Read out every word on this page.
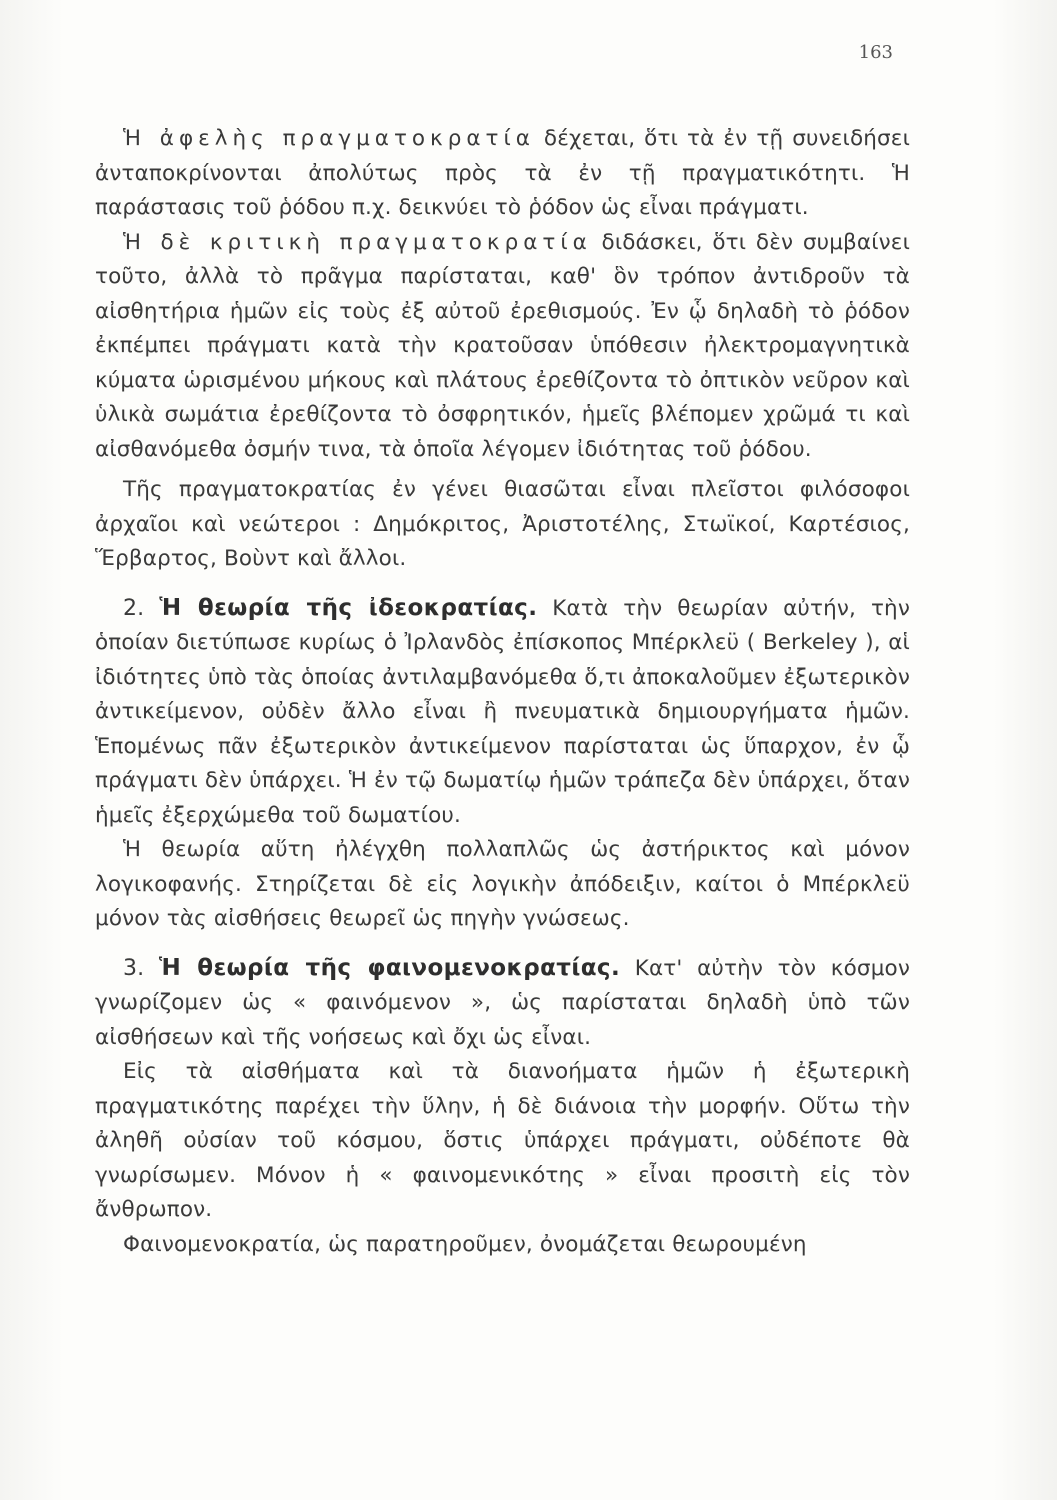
163

Ἡ ἀφελὴς πραγματοκρατία δέχεται, ὅτι τὰ ἐν τῇ συνειδήσει ἀνταποκρίνονται ἀπολύτως πρὸς τὰ ἐν τῇ πραγματικότητι. Ἡ παράστασις τοῦ ῥόδου π.χ. δεικνύει τὸ ῥόδον ὡς εἶναι πράγματι.

Ἡ δὲ κριτικὴ πραγματοκρατία διδάσκει, ὅτι δὲν συμβαίνει τοῦτο, ἀλλὰ τὸ πρᾶγμα παρίσταται, καθ' ὃν τρόπον ἀντιδροῦν τὰ αἰσθητήρια ἡμῶν εἰς τοὺς ἐξ αὐτοῦ ἐρεθισμούς. Ἐν ᾧ δηλαδὴ τὸ ῥόδον ἐκπέμπει πράγματι κατὰ τὴν κρατοῦσαν ὑπόθεσιν ἠλεκτρομαγνητικὰ κύματα ὡρισμένου μήκους καὶ πλάτους ἐρεθίζοντα τὸ ὀπτικὸν νεῦρον καὶ ὑλικὰ σωμάτια ἐρεθίζοντα τὸ ὀσφρητικόν, ἡμεῖς βλέπομεν χρῶμά τι καὶ αἰσθανόμεθα ὀσμήν τινα, τὰ ὁποῖα λέγομεν ἰδιότητας τοῦ ῥόδου.

Τῆς πραγματοκρατίας ἐν γένει θιασῶται εἶναι πλεῖστοι φιλόσοφοι ἀρχαῖοι καὶ νεώτεροι : Δημόκριτος, Ἀριστοτέλης, Στωϊκοί, Καρτέσιος, Ἕρβαρτος, Βοὺντ καὶ ἄλλοι.

2. Ἡ θεωρία τῆς ἰδεοκρατίας. Κατὰ τὴν θεωρίαν αὐτήν, τὴν ὁποίαν διετύπωσε κυρίως ὁ Ἰρλανδὸς ἐπίσκοπος Μπέρκλεϋ ( Berkeley ), αἱ ἰδιότητες ὑπὸ τὰς ὁποίας ἀντιλαμβανόμεθα ὅ,τι ἀποκαλοῦμεν ἐξωτερικὸν ἀντικείμενον, οὐδὲν ἄλλο εἶναι ἢ πνευματικὰ δημιουργήματα ἡμῶν. Ἑπομένως πᾶν ἐξωτερικὸν ἀντικείμενον παρίσταται ὡς ὕπαρχον, ἐν ᾧ πράγματι δὲν ὑπάρχει. Ἡ ἐν τῷ δωματίῳ ἡμῶν τράπεζα δὲν ὑπάρχει, ὅταν ἡμεῖς ἐξερχώμεθα τοῦ δωματίου.

Ἡ θεωρία αὕτη ἠλέγχθη πολλαπλῶς ὡς ἀστήρικτος καὶ μόνον λογικοφανής. Στηρίζεται δὲ εἰς λογικὴν ἀπόδειξιν, καίτοι ὁ Μπέρκλεϋ μόνον τὰς αἰσθήσεις θεωρεῖ ὡς πηγὴν γνώσεως.

3. Ἡ θεωρία τῆς φαινομενοκρατίας. Κατ' αὐτὴν τὸν κόσμον γνωρίζομεν ὡς « φαινόμενον », ὡς παρίσταται δηλαδὴ ὑπὸ τῶν αἰσθήσεων καὶ τῆς νοήσεως καὶ ὄχι ὡς εἶναι.

Εἰς τὰ αἰσθήματα καὶ τὰ διανοήματα ἡμῶν ἡ ἐξωτερικὴ πραγματικότης παρέχει τὴν ὕλην, ἡ δὲ διάνοια τὴν μορφήν. Οὕτω τὴν ἀληθῆ οὐσίαν τοῦ κόσμου, ὅστις ὑπάρχει πράγματι, οὐδέποτε θὰ γνωρίσωμεν. Μόνον ἡ « φαινομενικότης » εἶναι προσιτὴ εἰς τὸν ἄνθρωπον.

Φαινομενοκρατία, ὡς παρατηροῦμεν, ὀνομάζεται θεωρουμένη
